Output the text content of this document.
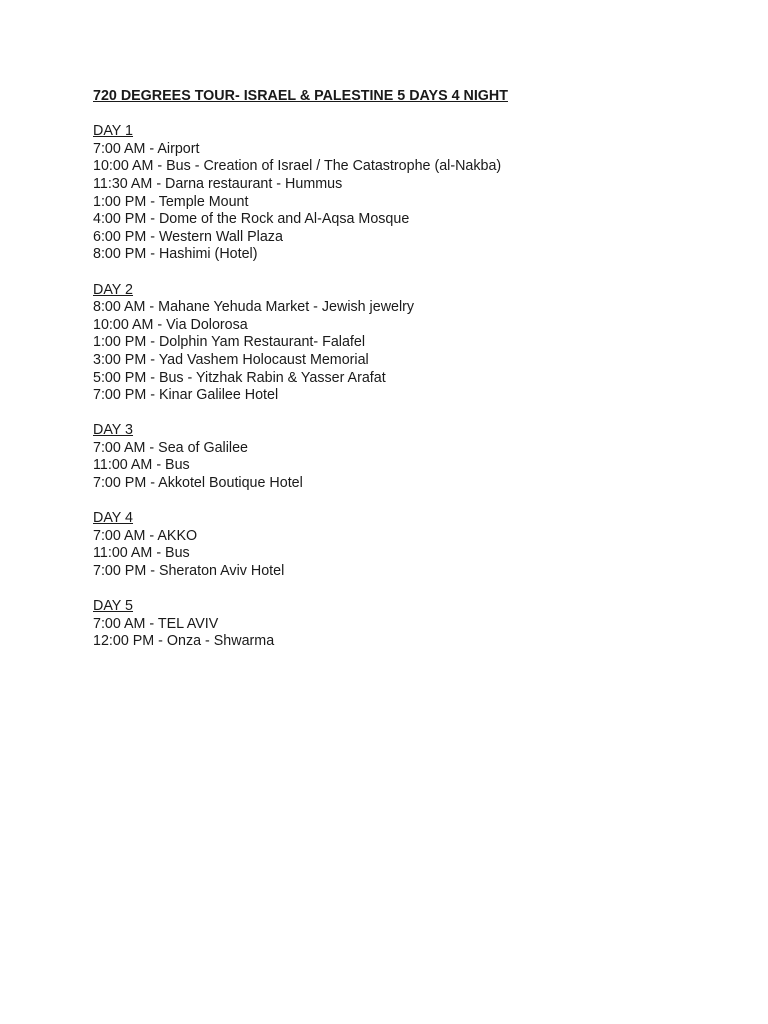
720 DEGREES TOUR- ISRAEL & PALESTINE 5 DAYS 4 NIGHT

DAY 1

7:00 AM - Airport

10:00 AM - Bus - Creation of Israel / The Catastrophe (al-Nakba)

11:30 AM - Darna restaurant - Hummus

1:00 PM - Temple Mount

4:00 PM - Dome of the Rock and Al-Aqsa Mosque

6:00 PM - Western Wall Plaza

8:00 PM - Hashimi (Hotel)

DAY 2

8:00 AM - Mahane Yehuda Market - Jewish jewelry

10:00 AM - Via Dolorosa

1:00 PM - Dolphin Yam Restaurant- Falafel

3:00 PM - Yad Vashem Holocaust Memorial

5:00 PM - Bus - Yitzhak Rabin & Yasser Arafat

7:00 PM - Kinar Galilee Hotel

DAY 3

7:00 AM - Sea of Galilee

11:00 AM - Bus

7:00 PM - Akkotel Boutique Hotel

DAY 4

7:00 AM - AKKO

11:00 AM - Bus

7:00 PM - Sheraton Aviv Hotel

DAY 5

7:00 AM - TEL AVIV

12:00 PM - Onza - Shwarma
